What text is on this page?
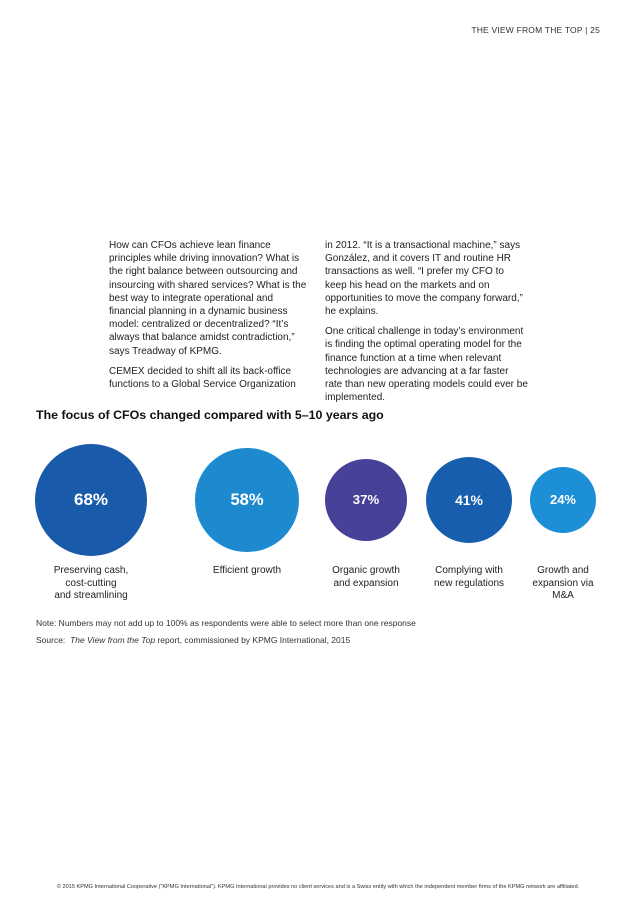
THE VIEW FROM THE TOP | 25

How can CFOs achieve lean finance principles while driving innovation? What is the right balance between outsourcing and insourcing with shared services? What is the best way to integrate operational and financial planning in a dynamic business model: centralized or decentralized? “It’s always that balance amidst contradiction,” says Treadway of KPMG.

CEMEX decided to shift all its back-office functions to a Global Service Organization

in 2012. “It is a transactional machine,” says González, and it covers IT and routine HR transactions as well. “I prefer my CFO to keep his head on the markets and on opportunities to move the company forward,” he explains.

One critical challenge in today’s environment is finding the optimal operating model for the finance function at a time when relevant technologies are advancing at a far faster rate than new operating models could ever be implemented.

The focus of CFOs changed compared with 5–10 years ago
68%
Preserving cash,
cost-cutting
and streamlining
58%
Efficient growth
37%
Organic growth
and expansion
41%
Complying with
new regulations
24%
Growth and
expansion via
M&A
Note: Numbers may not add up to 100% as respondents were able to select more than one response
Source: The View from the Top report, commissioned by KPMG International, 2015
© 2015 KPMG International Cooperative (“KPMG International”). KPMG International provides no client services and is a Swiss entity with which the independent member firms of the KPMG network are affiliated.
